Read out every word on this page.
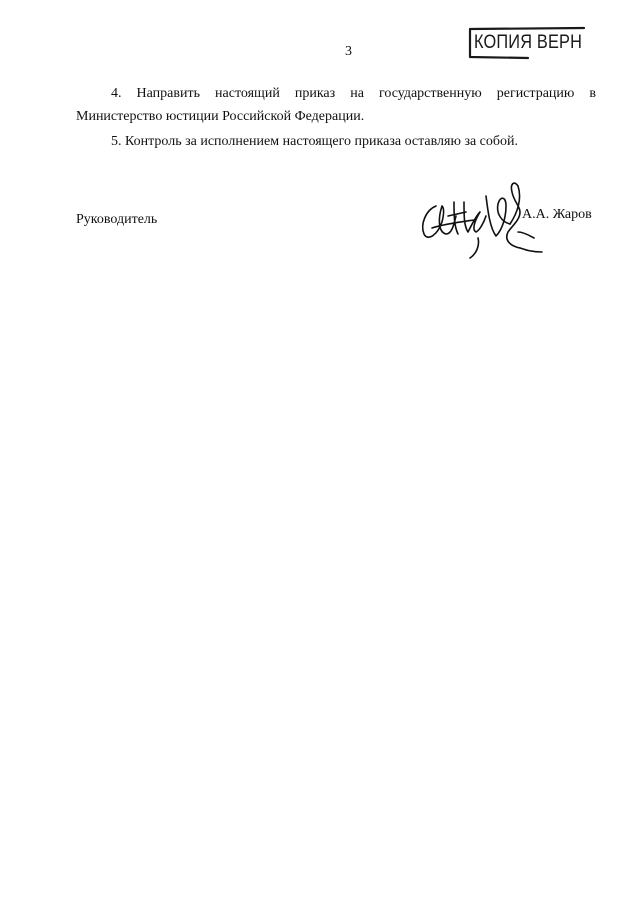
3	КОПИЯ ВЕРН
4. Направить настоящий приказ на государственную регистрацию в
Министерство юстиции Российской Федерации.
5. Контроль за исполнением настоящего приказа оставляю за собой.
Руководитель	А.А. Жаров
